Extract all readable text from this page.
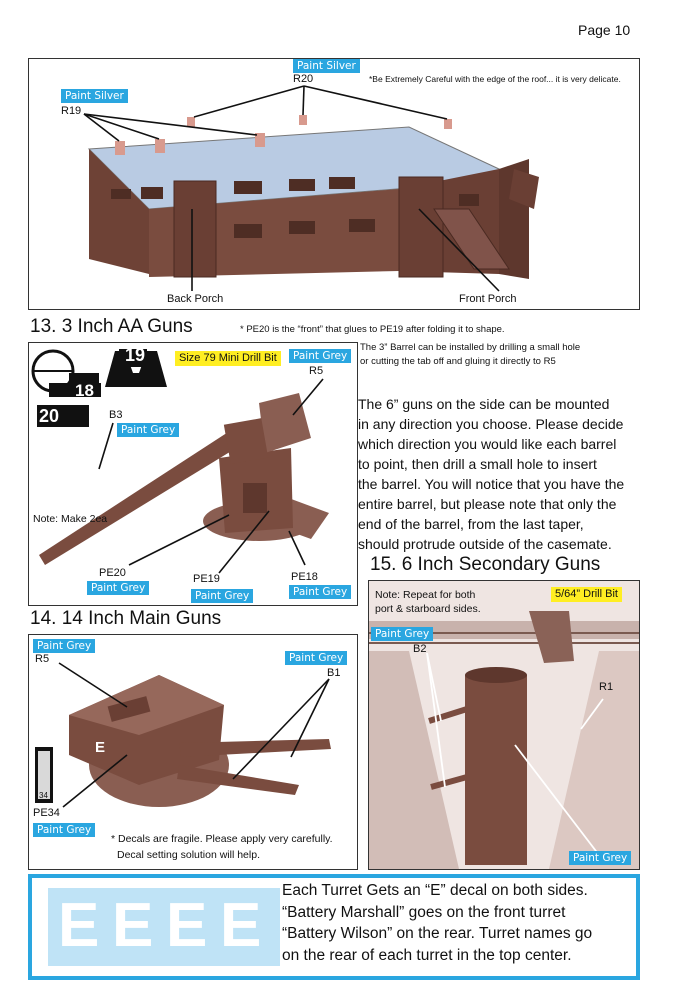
Page 10
Paint Silver
R20
Paint Silver
R19
*Be Extremely Careful with the edge of the roof... it is very delicate.
Back Porch	Front Porch
13. 3 Inch AA Guns	* PE20 is the “front” that glues to PE19 after folding it to shape.
The 3” Barrel can be installed by drilling a small hole
or cutting the tab off and gluing it directly to R5
19
18
20
Size 79 Mini Drill Bit	Paint Grey
R5
B3
Paint Grey
Note: Make 2ea
PE20
Paint Grey
PE19
Paint Grey
PE18
Paint Grey
The 6” guns on the side can be mounted
in any direction you choose. Please decide
which direction you would like each barrel
to point, then drill a small hole to insert
the barrel. You will notice that you have the
entire barrel, but please note that only the
end of the barrel, from the last taper,
should protrude outside of the casemate.
14. 14 Inch Main Guns
E
34
Paint Grey
R5	Paint Grey
B1
PE34
Paint Grey
* Decals are fragile. Please apply very carefully.
Decal setting solution will help.
15. 6 Inch Secondary Guns
Note: Repeat for both
port & starboard sides.
5/64” Drill Bit
Paint Grey
B2
R1
Paint Grey
E E E E
Each Turret Gets an “E” decal on both sides.
“Battery Marshall” goes on the front turret
“Battery Wilson” on the rear. Turret names go
on the rear of each turret in the top center.
